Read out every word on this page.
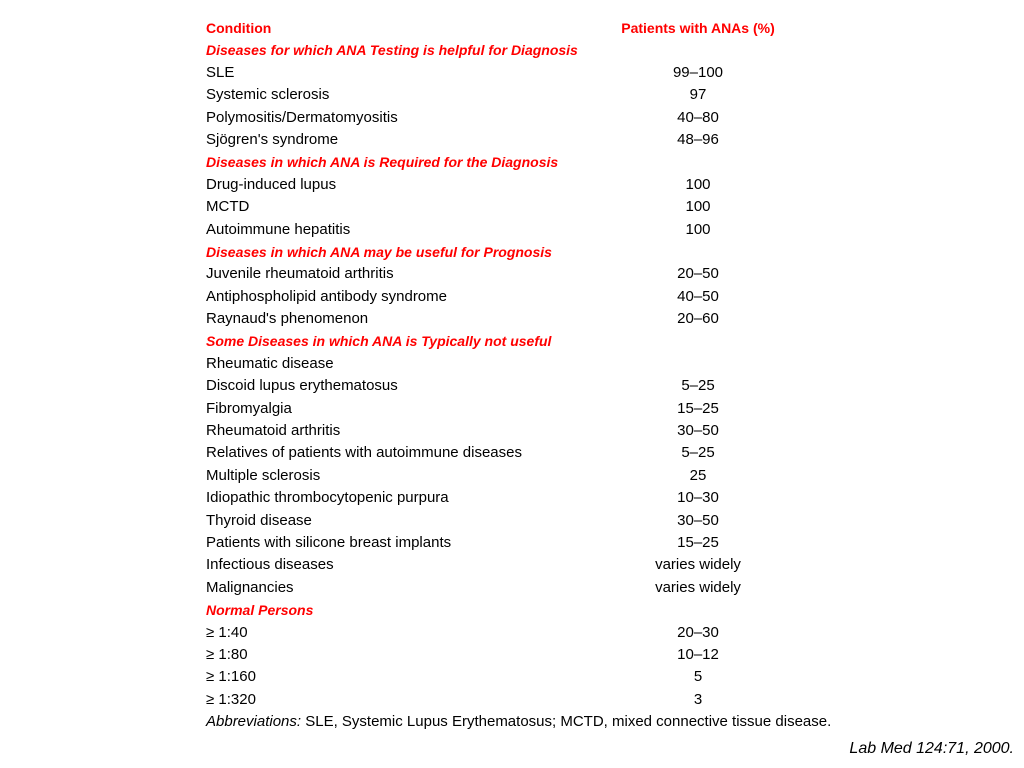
Condition	Patients with ANAs (%)
Diseases for which ANA Testing is helpful for Diagnosis
SLE	99–100
Systemic sclerosis	97
Polymositis/Dermatomyositis	40–80
Sjögren's syndrome	48–96
Diseases in which ANA is Required for the Diagnosis
Drug-induced lupus	100
MCTD	100
Autoimmune hepatitis	100
Diseases in which ANA may be useful for Prognosis
Juvenile rheumatoid arthritis	20–50
Antiphospholipid antibody syndrome	40–50
Raynaud's phenomenon	20–60
Some Diseases in which ANA is Typically not useful
Rheumatic disease
Discoid lupus erythematosus	5–25
Fibromyalgia	15–25
Rheumatoid arthritis	30–50
Relatives of patients with autoimmune diseases	5–25
Multiple sclerosis	25
Idiopathic thrombocytopenic purpura	10–30
Thyroid disease	30–50
Patients with silicone breast implants	15–25
Infectious diseases	varies widely
Malignancies	varies widely
Normal Persons
≥ 1:40	20–30
≥ 1:80	10–12
≥ 1:160	5
≥ 1:320	3
Abbreviations: SLE, Systemic Lupus Erythematosus; MCTD, mixed connective tissue disease.
Lab Med 124:71, 2000.
